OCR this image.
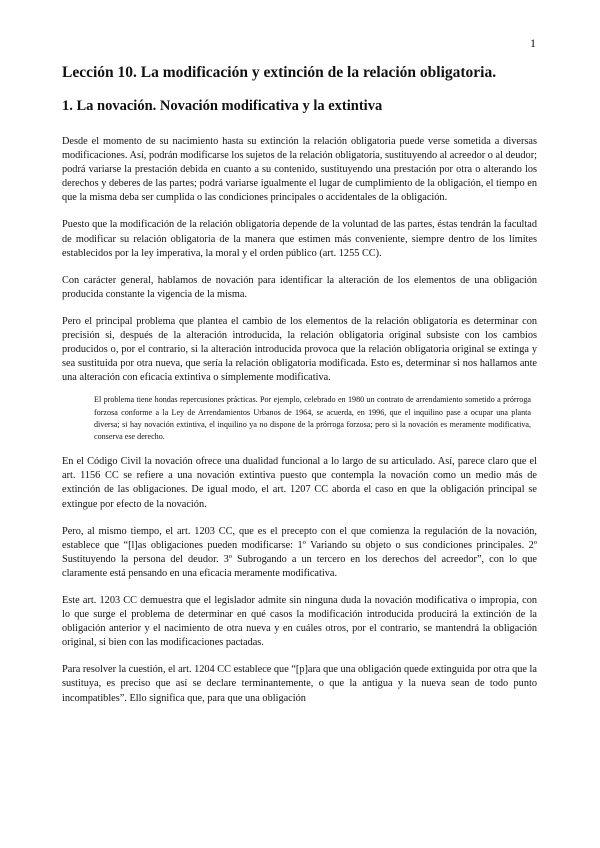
1
Lección 10. La modificación y extinción de la relación obligatoria.
1. La novación. Novación modificativa y la extintiva

Desde el momento de su nacimiento hasta su extinción la relación obligatoria puede verse sometida a diversas modificaciones. Así, podrán modificarse los sujetos de la relación obligatoria, sustituyendo al acreedor o al deudor; podrá variarse la prestación debida en cuanto a su contenido, sustituyendo una prestación por otra o alterando los derechos y deberes de las partes; podrá variarse igualmente el lugar de cumplimiento de la obligación, el tiempo en que la misma deba ser cumplida o las condiciones principales o accidentales de la obligación.

Puesto que la modificación de la relación obligatoria depende de la voluntad de las partes, éstas tendrán la facultad de modificar su relación obligatoria de la manera que estimen más conveniente, siempre dentro de los límites establecidos por la ley imperativa, la moral y el orden público (art. 1255 CC).

Con carácter general, hablamos de novación para identificar la alteración de los elementos de una obligación producida constante la vigencia de la misma.

Pero el principal problema que plantea el cambio de los elementos de la relación obligatoria es determinar con precisión si, después de la alteración introducida, la relación obligatoria original subsiste con los cambios producidos o, por el contrario, si la alteración introducida provoca que la relación obligatoria original se extinga y sea sustituida por otra nueva, que sería la relación obligatoria modificada. Esto es, determinar si nos hallamos ante una alteración con eficacia extintiva o simplemente modificativa.

El problema tiene hondas repercusiones prácticas. Por ejemplo, celebrado en 1980 un contrato de arrendamiento sometido a prórroga forzosa conforme a la Ley de Arrendamientos Urbanos de 1964, se acuerda, en 1996, que el inquilino pase a ocupar una planta diversa; si hay novación extintiva, el inquilino ya no dispone de la prórroga forzosa; pero si la novación es meramente modificativa, conserva ese derecho.

En el Código Civil la novación ofrece una dualidad funcional a lo largo de su articulado. Así, parece claro que el art. 1156 CC se refiere a una novación extintiva puesto que contempla la novación como un medio más de extinción de las obligaciones. De igual modo, el art. 1207 CC aborda el caso en que la obligación principal se extingue por efecto de la novación.

Pero, al mismo tiempo, el art. 1203 CC, que es el precepto con el que comienza la regulación de la novación, establece que “[l]as obligaciones pueden modificarse: 1º Variando su objeto o sus condiciones principales. 2º Sustituyendo la persona del deudor. 3º Subrogando a un tercero en los derechos del acreedor”, con lo que claramente está pensando en una eficacia meramente modificativa.

Este art. 1203 CC demuestra que el legislador admite sin ninguna duda la novación modificativa o impropia, con lo que surge el problema de determinar en qué casos la modificación introducida producirá la extinción de la obligación anterior y el nacimiento de otra nueva y en cuáles otros, por el contrario, se mantendrá la obligación original, si bien con las modificaciones pactadas.

Para resolver la cuestión, el art. 1204 CC establece que “[p]ara que una obligación quede extinguida por otra que la sustituya, es preciso que así se declare terminantemente, o que la antigua y la nueva sean de todo punto incompatibles”. Ello significa que, para que una obligación
